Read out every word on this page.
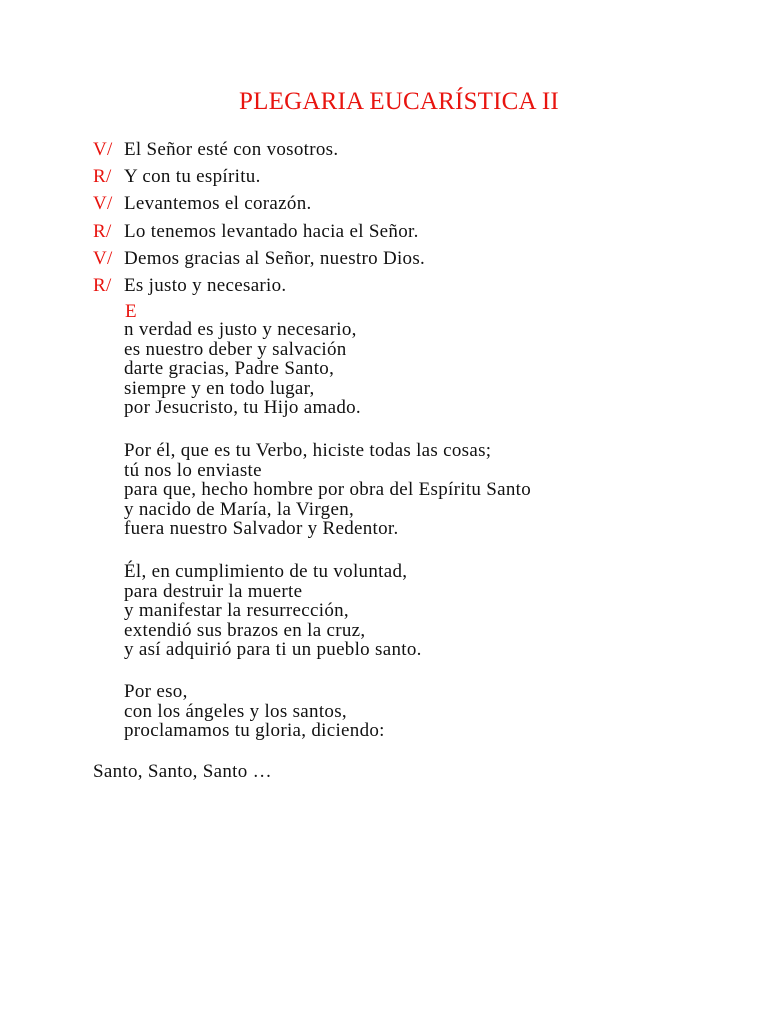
PLEGARIA EUCARÍSTICA II
V/ El Señor esté con vosotros.
R/ Y con tu espíritu.
V/ Levantemos el corazón.
R/ Lo tenemos levantado hacia el Señor.
V/ Demos gracias al Señor, nuestro Dios.
R/ Es justo y necesario.
E
n verdad es justo y necesario,
es nuestro deber y salvación
darte gracias, Padre Santo,
siempre y en todo lugar,
por Jesucristo, tu Hijo amado.
Por él, que es tu Verbo, hiciste todas las cosas;
tú nos lo enviaste
para que, hecho hombre por obra del Espíritu Santo
y nacido de María, la Virgen,
fuera nuestro Salvador y Redentor.
Él, en cumplimiento de tu voluntad,
para destruir la muerte
y manifestar la resurrección,
extendió sus brazos en la cruz,
y así adquirió para ti un pueblo santo.
Por eso,
con los ángeles y los santos,
proclamamos tu gloria, diciendo:
Santo, Santo, Santo …
